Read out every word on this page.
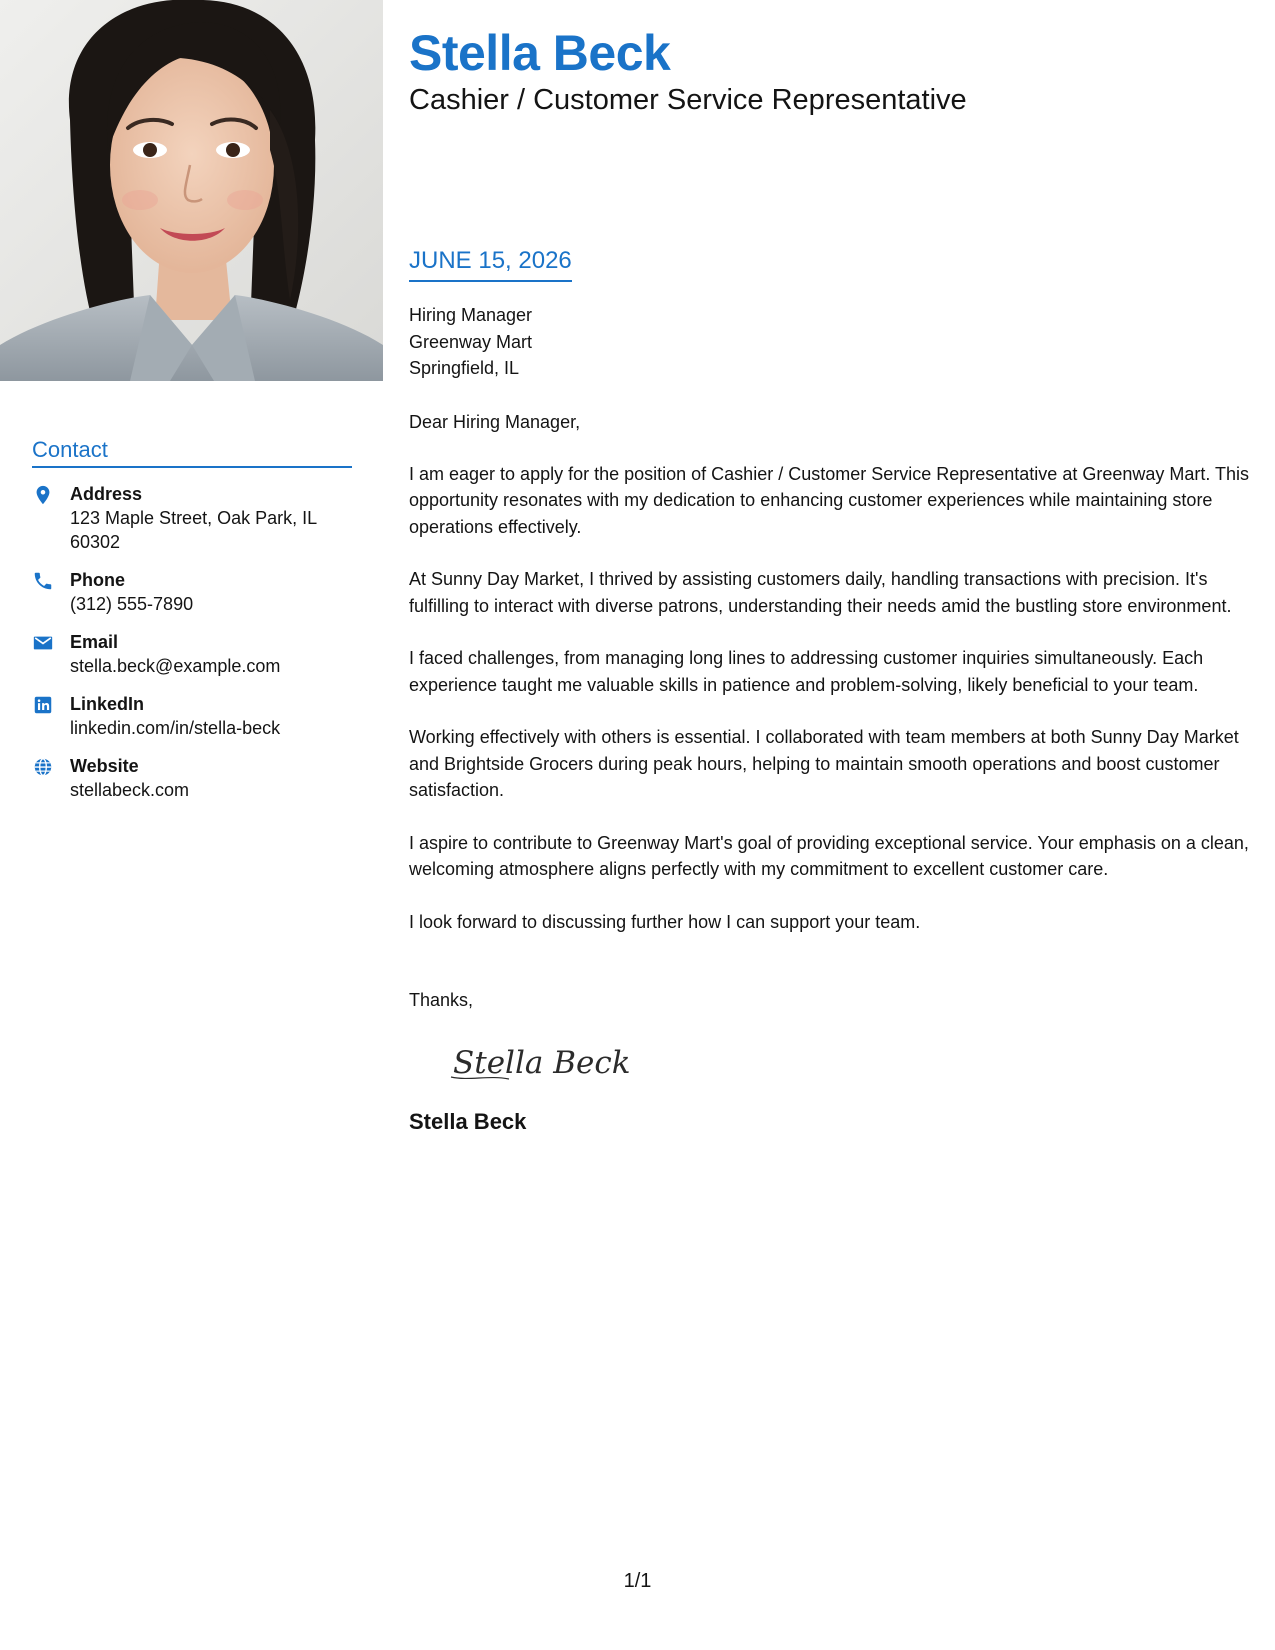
Contact
Address
123 Maple Street, Oak Park, IL 60302
Phone
(312) 555-7890
Email
stella.beck@example.com
LinkedIn
linkedin.com/in/stella-beck
Website
stellabeck.com
Stella Beck
Cashier / Customer Service Representative
JUNE 15, 2026
Hiring Manager
Greenway Mart
Springfield, IL
Dear Hiring Manager,

I am eager to apply for the position of Cashier / Customer Service Representative at Greenway Mart. This opportunity resonates with my dedication to enhancing customer experiences while maintaining store operations effectively.

At Sunny Day Market, I thrived by assisting customers daily, handling transactions with precision. It's fulfilling to interact with diverse patrons, understanding their needs amid the bustling store environment.

I faced challenges, from managing long lines to addressing customer inquiries simultaneously. Each experience taught me valuable skills in patience and problem-solving, likely beneficial to your team.

Working effectively with others is essential. I collaborated with team members at both Sunny Day Market and Brightside Grocers during peak hours, helping to maintain smooth operations and boost customer satisfaction.

I aspire to contribute to Greenway Mart's goal of providing exceptional service. Your emphasis on a clean, welcoming atmosphere aligns perfectly with my commitment to excellent customer care.

I look forward to discussing further how I can support your team.

Thanks,
Stella Beck
Stella Beck
1/1
